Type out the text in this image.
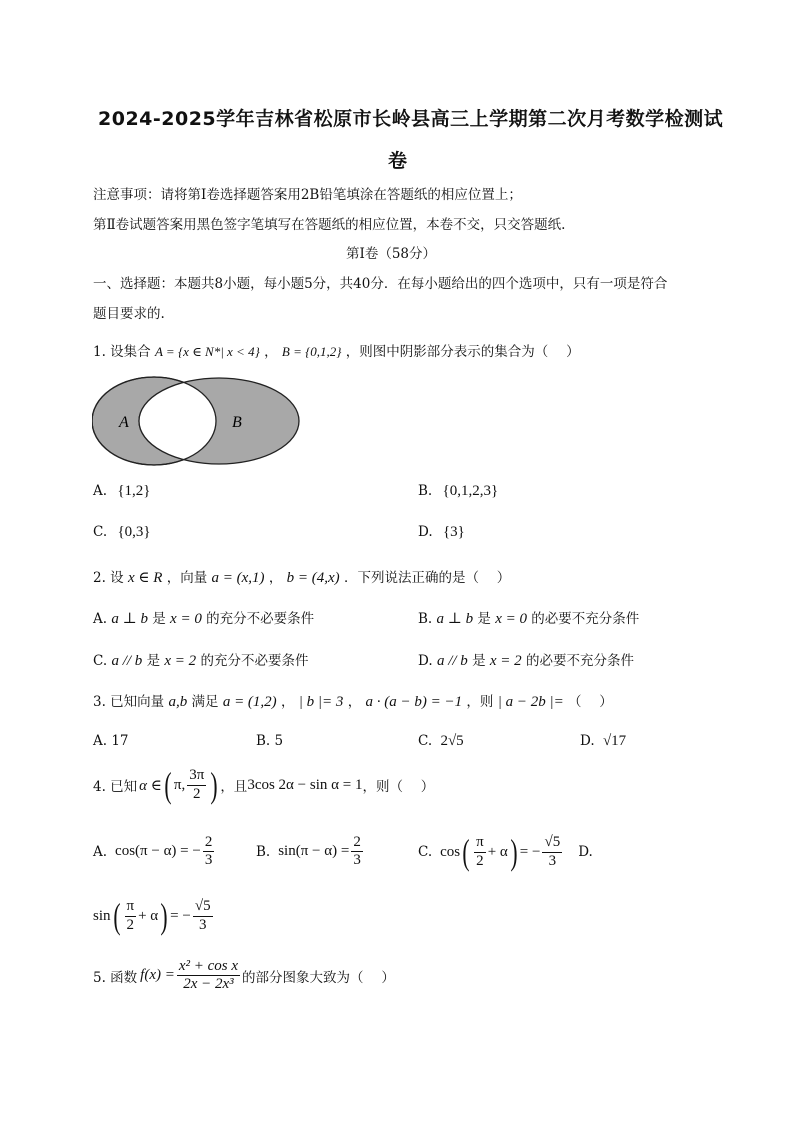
2024-2025学年吉林省松原市长岭县高三上学期第二次月考数学检测试
卷
注意事项：请将第Ⅰ卷选择题答案用2B铅笔填涂在答题纸的相应位置上；
第Ⅱ卷试题答案用黑色签字笔填写在答题纸的相应位置，本卷不交，只交答题纸.
第Ⅰ卷（58分）
一、选择题：本题共8小题，每小题5分，共40分．在每小题给出的四个选项中，只有一项是符合
题目要求的.
1. 设集合 A = {x ∈ N*| x < 4} ， B = {0,1,2} ，则图中阴影部分表示的集合为（　 ）
A	B
A. {1,2}	B. {0,1,2,3}
C. {0,3}	D. {3}
2. 设 x ∈ R ，向量 a = (x,1) ， b = (4,x) ．下列说法正确的是（　 ）
A. a ⊥ b 是 x = 0 的充分不必要条件	B. a ⊥ b 是 x = 0 的必要不充分条件
C. a // b 是 x = 2 的充分不必要条件	D. a // b 是 x = 2 的必要不充分条件
3. 已知向量 a,b 满足 a = (1,2) ， | b |= 3 ， a · (a − b) = −1 ，则 | a − 2b |= （　 ）
A. 17	B. 5	C. 2√5	D. √17
4. 已知 α ∈ ( π, $\frac{3\pi}{2}$ ) ，且 3cos 2α − sin α = 1 ，则（　 ）
A. cos(π − α) = − $\frac{2}{3}$	B. $\sin(\pi - \alpha) = \frac{2}{3}$	C. cos ( $\frac{\pi}{2} + \alpha$ ) = − $\frac{√5}{3} D$.
sin ( $\frac{\pi}{2} + \alpha$ ) = − $\frac{√5}{3}$
5. 函数 $f(x) = \frac{\text{x² + cos x}}{\text{2x − 2x³}}$ 的部分图象大致为（　 ）
